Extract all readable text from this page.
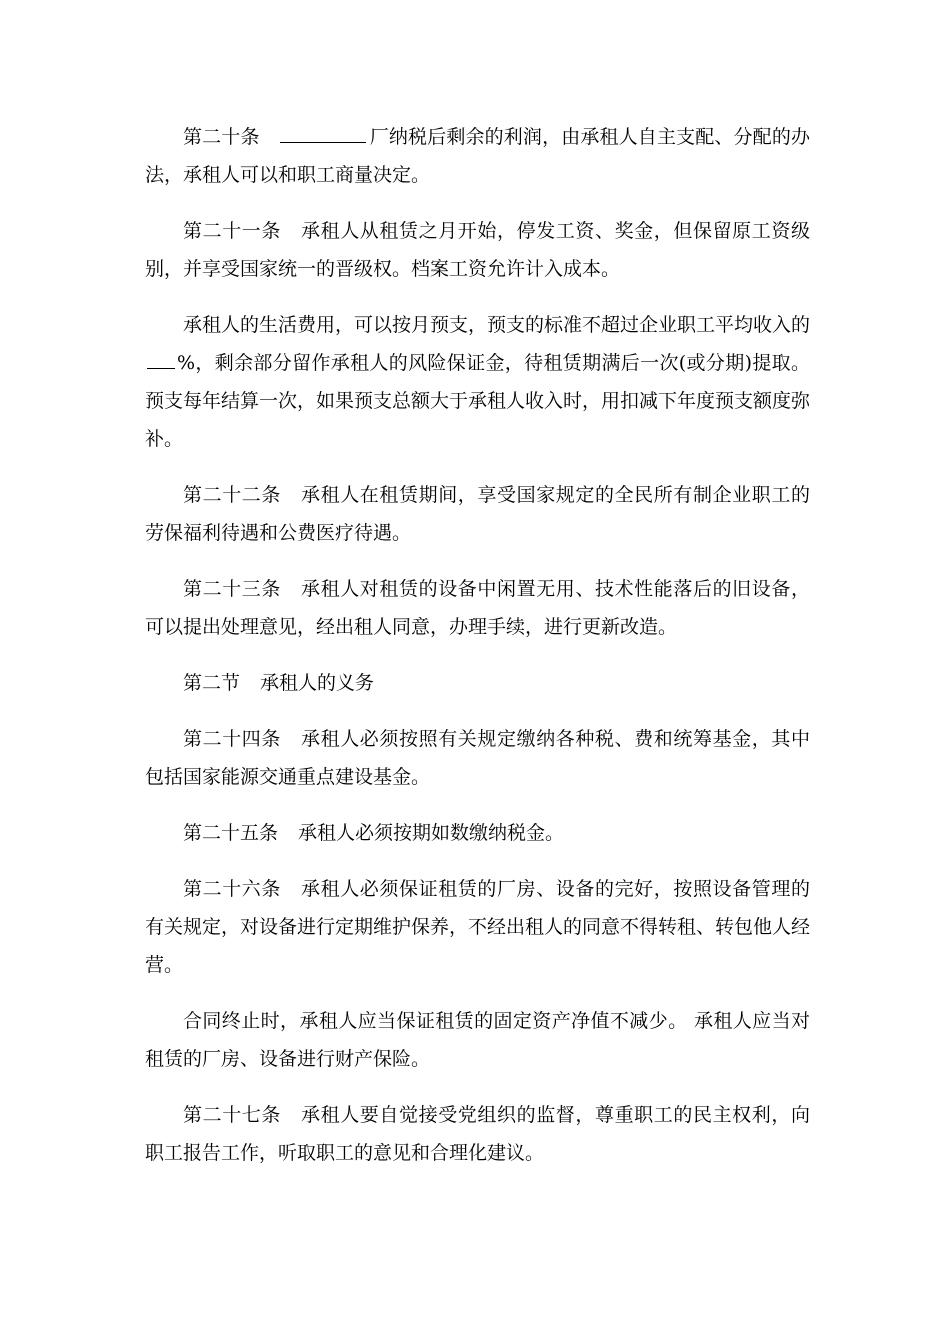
第二十条	厂纳税后剩余的利润，由承租人自主支配、分配的办法，承租人可以和职工商量决定。

第二十一条 承租人从租赁之月开始，停发工资、奖金，但保留原工资级别，并享受国家统一的晋级权。档案工资允许计入成本。

承租人的生活费用，可以按月预支，预支的标准不超过企业职工平均收入的%，剩余部分留作承租人的风险保证金，待租赁期满后一次(或分期)提取。预支每年结算一次，如果预支总额大于承租人收入时，用扣减下年度预支额度弥补。

第二十二条 承租人在租赁期间，享受国家规定的全民所有制企业职工的劳保福利待遇和公费医疗待遇。

第二十三条 承租人对租赁的设备中闲置无用、技术性能落后的旧设备，可以提出处理意见，经出租人同意，办理手续，进行更新改造。

第二节 承租人的义务

第二十四条 承租人必须按照有关规定缴纳各种税、费和统筹基金，其中包括国家能源交通重点建设基金。

第二十五条 承租人必须按期如数缴纳税金。

第二十六条 承租人必须保证租赁的厂房、设备的完好，按照设备管理的有关规定，对设备进行定期维护保养，不经出租人的同意不得转租、转包他人经营。

合同终止时，承租人应当保证租赁的固定资产净值不减少。 承租人应当对租赁的厂房、设备进行财产保险。

第二十七条 承租人要自觉接受党组织的监督，尊重职工的民主权利，向职工报告工作，听取职工的意见和合理化建议。
